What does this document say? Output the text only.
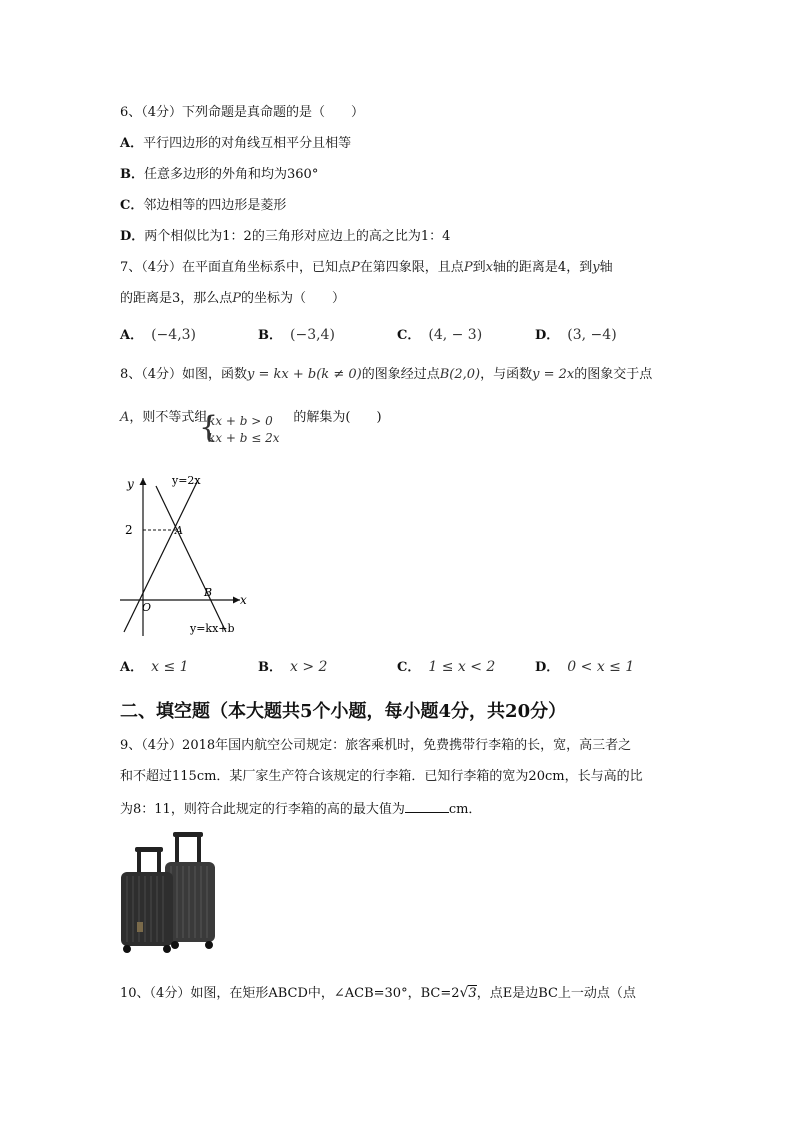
6、（4分）下列命题是真命题的是（　　）
A．平行四边形的对角线互相平分且相等
B．任意多边形的外角和均为360°
C．邻边相等的四边形是菱形
D．两个相似比为1：2的三角形对应边上的高之比为1：4
7、（4分）在平面直角坐标系中，已知点P在第四象限，且点P到x轴的距离是4，到y轴
的距离是3，那么点P的坐标为（　　）
A． (−4,3)	B． (−3,4)	C． (4, − 3)	D． (3, −4)
8、（4分）如图，函数y = kx + b(k ≠ 0)的图象经过点B(2,0)，与函数y = 2x的图象交于点
A，则不等式组	的解集为(　　)
{
kx + b > 0
kx + b ≤ 2x
y
x
O
2	A
B
y=2x
y=kx+b
A． x ≤ 1	B． x > 2	C． 1 ≤ x < 2	D． 0 < x ≤ 1
二、填空题（本大题共5个小题，每小题4分，共20分）
9、（4分）2018年国内航空公司规定：旅客乘机时，免费携带行李箱的长，宽，高三者之
和不超过115cm．某厂家生产符合该规定的行李箱．已知行李箱的宽为20cm，长与高的比
为8：11，则符合此规定的行李箱的高的最大值为	cm．
10、（4分）如图，在矩形ABCD中，∠ACB=30°，BC=2√3，点E是边BC上一动点（点
